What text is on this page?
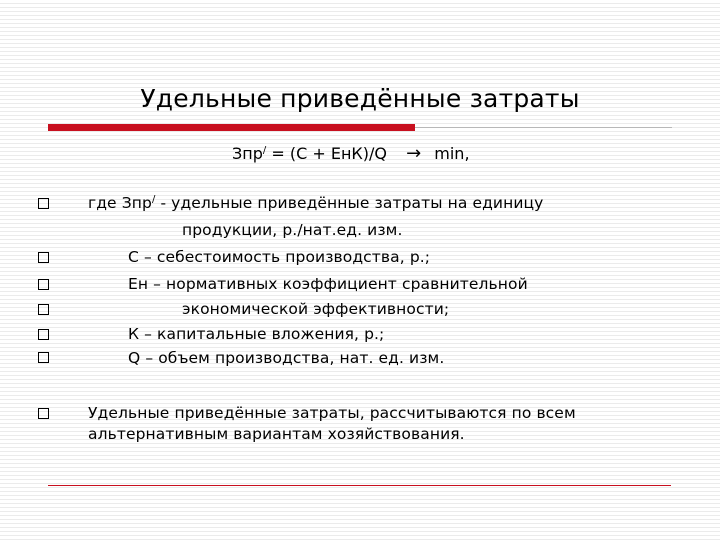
Удельные приведённые затраты
Зпр/ = (С + ЕнК)/Q → min,
где Зпр/ - удельные приведённые затраты на единицу
продукции, р./нат.ед. изм.
С – себестоимость производства, р.;
Ен – нормативных коэффициент сравнительной
экономической эффективности;
К – капитальные вложения, р.;
Q – объем производства, нат. ед. изм.
Удельные приведённые затраты, рассчитываются по всем
альтернативным вариантам хозяйствования.
